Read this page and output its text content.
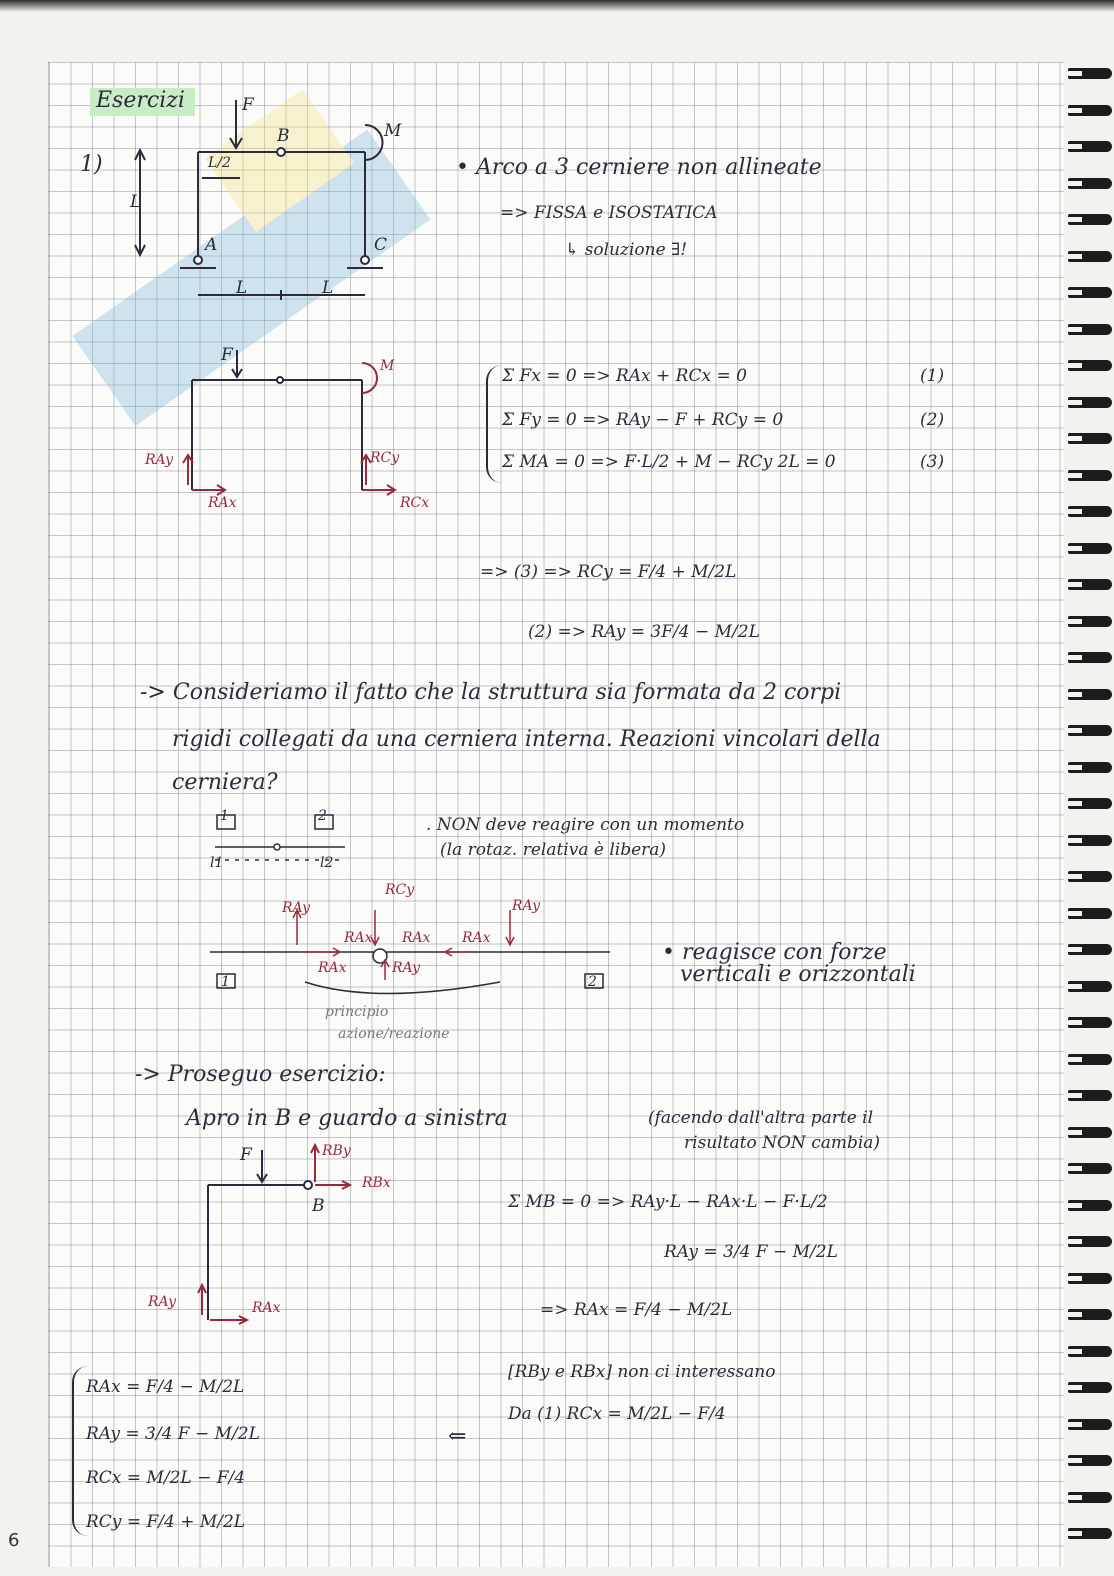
Esercizi
1)
F
B	M
A	C
L/2
L
L	L
• Arco a 3 cerniere non allineate
=> FISSA e ISOSTATICA
↳ soluzione ∃!
F
M
RAy
RAx
RCy
RCx
Σ Fx = 0 => RAx + RCx = 0	(1)
Σ Fy = 0 => RAy − F + RCy = 0	(2)
Σ MA = 0 => F·L/2 + M − RCy 2L = 0	(3)
=> (3) => RCy = F/4 + M/2L
(2) => RAy = 3F/4 − M/2L
-> Consideriamo il fatto che la struttura sia formata da 2 corpi
rigidi collegati da una cerniera interna. Reazioni vincolari della
cerniera?
1	2
l1	l2
. NON deve reagire con un momento
(la rotaz. relativa è libera)
RAy
RCy
RAy
RAx RAx RAx
RAx	RAy
1	2
principio
azione/reazione
• reagisce con forze
verticali e orizzontali
-> Proseguo esercizio:
Apro in B e guardo a sinistra	(facendo dall'altra parte il
risultato NON cambia)
F	RBy
RBx
B
RAy	RAx
Σ MB = 0 => RAy·L − RAx·L − F·L/2
RAy = 3/4 F − M/2L
=> RAx = F/4 − M/2L
[RBy e RBx] non ci interessano
Da (1) RCx = M/2L − F/4
⇐
RAx = F/4 − M/2L
RAy = 3/4 F − M/2L
RCx = M/2L − F/4
RCy = F/4 + M/2L
6
